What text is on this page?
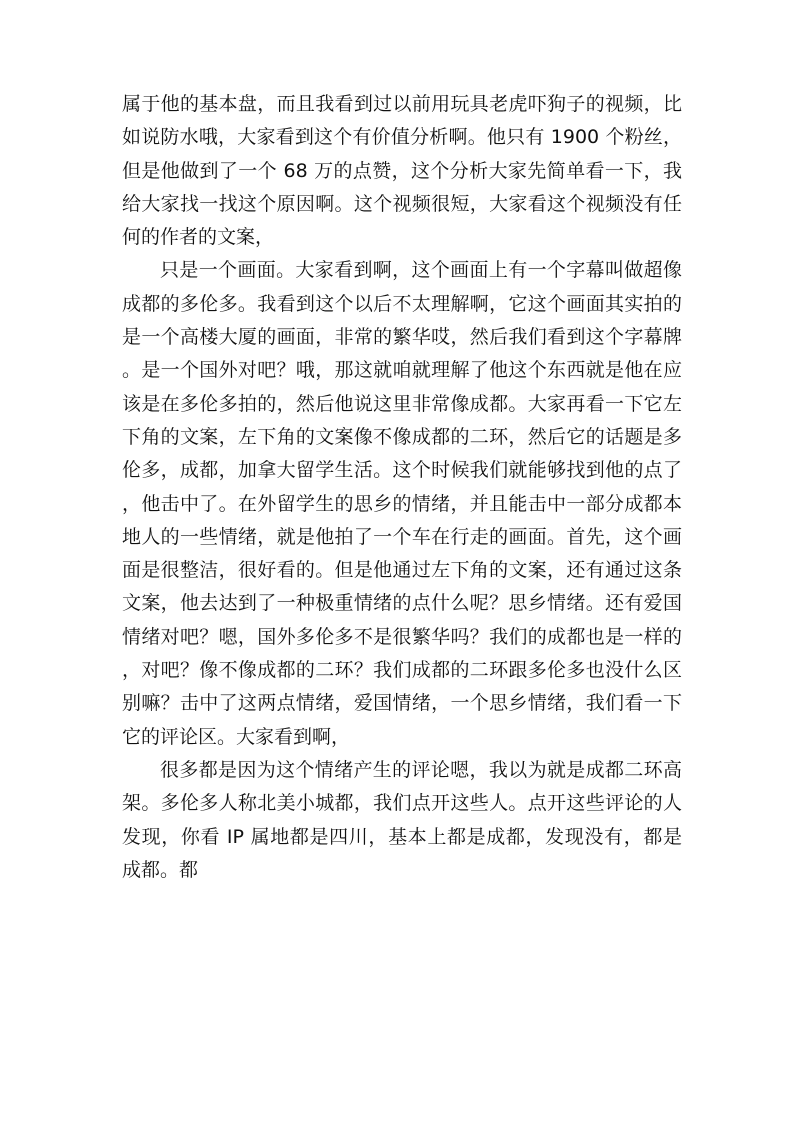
属于他的基本盘，而且我看到过以前用玩具老虎吓狗子的视频，比如说防水哦，大家看到这个有价值分析啊。他只有 1900 个粉丝，但是他做到了一个 68 万的点赞，这个分析大家先简单看一下，我给大家找一找这个原因啊。这个视频很短，大家看这个视频没有任何的作者的文案，

只是一个画面。大家看到啊，这个画面上有一个字幕叫做超像成都的多伦多。我看到这个以后不太理解啊，它这个画面其实拍的是一个高楼大厦的画面，非常的繁华哎，然后我们看到这个字幕牌。是一个国外对吧？哦，那这就咱就理解了他这个东西就是他在应该是在多伦多拍的，然后他说这里非常像成都。大家再看一下它左下角的文案，左下角的文案像不像成都的二环，然后它的话题是多伦多，成都，加拿大留学生活。这个时候我们就能够找到他的点了，他击中了。在外留学生的思乡的情绪，并且能击中一部分成都本地人的一些情绪，就是他拍了一个车在行走的画面。首先，这个画面是很整洁，很好看的。但是他通过左下角的文案，还有通过这条文案，他去达到了一种极重情绪的点什么呢？思乡情绪。还有爱国情绪对吧？嗯，国外多伦多不是很繁华吗？我们的成都也是一样的，对吧？像不像成都的二环？我们成都的二环跟多伦多也没什么区别嘛？击中了这两点情绪，爱国情绪，一个思乡情绪，我们看一下它的评论区。大家看到啊，

很多都是因为这个情绪产生的评论嗯，我以为就是成都二环高架。多伦多人称北美小城都，我们点开这些人。点开这些评论的人发现，你看 IP 属地都是四川，基本上都是成都，发现没有，都是成都。都
